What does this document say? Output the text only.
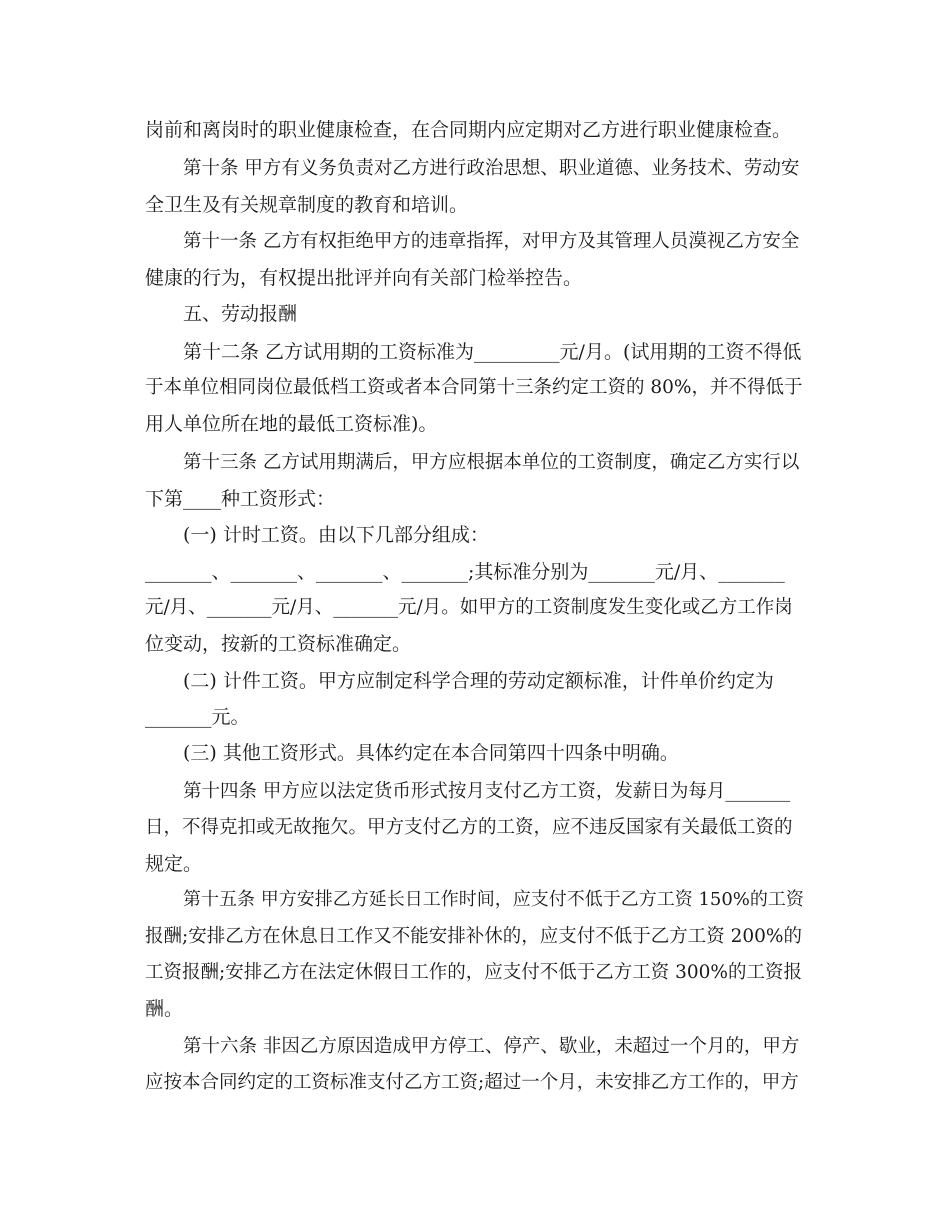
岗前和离岗时的职业健康检查，在合同期内应定期对乙方进行职业健康检查。
第十条 甲方有义务负责对乙方进行政治思想、职业道德、业务技术、劳动安
全卫生及有关规章制度的教育和培训。
第十一条 乙方有权拒绝甲方的违章指挥，对甲方及其管理人员漠视乙方安全
健康的行为，有权提出批评并向有关部门检举控告。
五、劳动报酬
第十二条 乙方试用期的工资标准为_________元/月。(试用期的工资不得低
于本单位相同岗位最低档工资或者本合同第十三条约定工资的 80%，并不得低于
用人单位所在地的最低工资标准)。
第十三条 乙方试用期满后，甲方应根据本单位的工资制度，确定乙方实行以
下第____种工资形式：
(一) 计时工资。由以下几部分组成：
_______、_______、_______、_______;其标准分别为_______元/月、_______
元/月、_______元/月、_______元/月。如甲方的工资制度发生变化或乙方工作岗
位变动，按新的工资标准确定。
(二) 计件工资。甲方应制定科学合理的劳动定额标准，计件单价约定为
_______元。
(三) 其他工资形式。具体约定在本合同第四十四条中明确。
第十四条 甲方应以法定货币形式按月支付乙方工资，发薪日为每月_______
日，不得克扣或无故拖欠。甲方支付乙方的工资，应不违反国家有关最低工资的
规定。
第十五条 甲方安排乙方延长日工作时间，应支付不低于乙方工资 150%的工资
报酬;安排乙方在休息日工作又不能安排补休的，应支付不低于乙方工资 200%的
工资报酬;安排乙方在法定休假日工作的，应支付不低于乙方工资 300%的工资报
酬。
第十六条 非因乙方原因造成甲方停工、停产、歇业，未超过一个月的，甲方
应按本合同约定的工资标准支付乙方工资;超过一个月，未安排乙方工作的，甲方
